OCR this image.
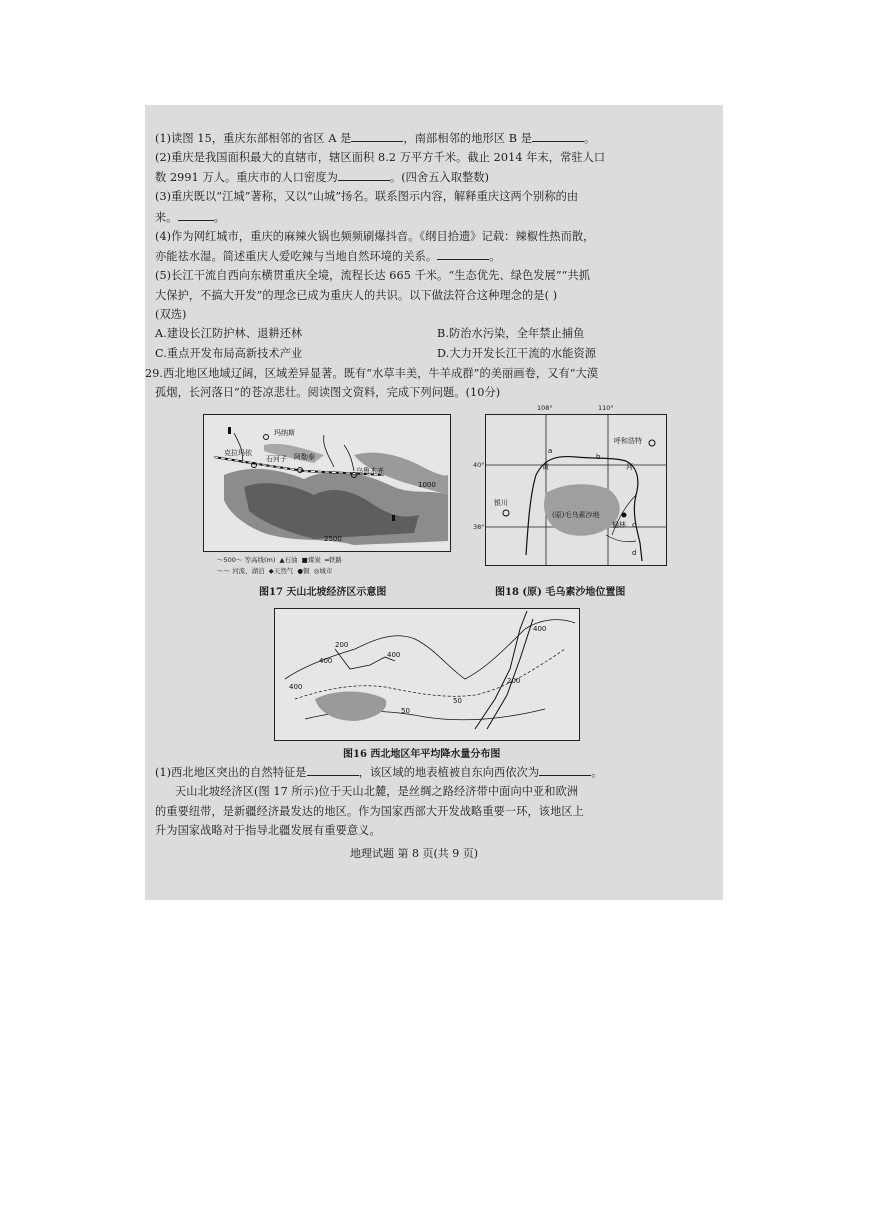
(1)读图 15，重庆东部相邻的省区 A 是	，南部相邻的地形区 B 是	。
(2)重庆是我国面积最大的直辖市，辖区面积 8.2 万平方千米。截止 2014 年末，常驻人口
数 2991 万人。重庆市的人口密度为	。(四舍五入取整数)
(3)重庆既以“江城”著称，又以“山城”扬名。联系图示内容，解释重庆这两个别称的由
来。	。
(4)作为网红城市，重庆的麻辣火锅也频频刷爆抖音。《纲目拾遗》记载：辣椒性热而散，
亦能祛水湿。简述重庆人爱吃辣与当地自然环境的关系。	。
(5)长江干流自西向东横贯重庆全境，流程长达 665 千米。“生态优先、绿色发展”“共抓
大保护，不搞大开发”的理念已成为重庆人的共识。以下做法符合这种理念的是( )
(双选)
A.建设长江防护林、退耕还林	B.防治水污染，全年禁止捕鱼
C.重点开发布局高新技术产业	D.大力开发长江干流的水能资源
29.西北地区地域辽阔，区域差异显著。既有“水草丰美，牛羊成群”的美丽画卷，又有“大漠
孤烟，长河落日”的苍凉悲壮。阅读图文资料，完成下列问题。(10分)
玛纳斯
克拉玛依
石河子 阿勒泰
乌鲁木齐
1000
2500
〜500〜 等高线(m)  ▲石油  ■煤炭  ═铁路
〜〜 河流、湖泊  ◆天然气  ●铜  ◎城市
图17 天山北坡经济区示意图
呼和浩特
银川
榆林
黄	河
(原)毛乌素沙地
a
b
c
d
108°	110°
40°
38°
图18 (原) 毛乌素沙地位置图
200
400
400
400
50
50
200
400
图16 西北地区年平均降水量分布图
(1)西北地区突出的自然特征是	，该区域的地表植被自东向西依次为	。
天山北坡经济区(图 17 所示)位于天山北麓，是丝绸之路经济带中面向中亚和欧洲
的重要纽带，是新疆经济最发达的地区。作为国家西部大开发战略重要一环，该地区上
升为国家战略对于指导北疆发展有重要意义。
地理试题 第 8 页(共 9 页)
